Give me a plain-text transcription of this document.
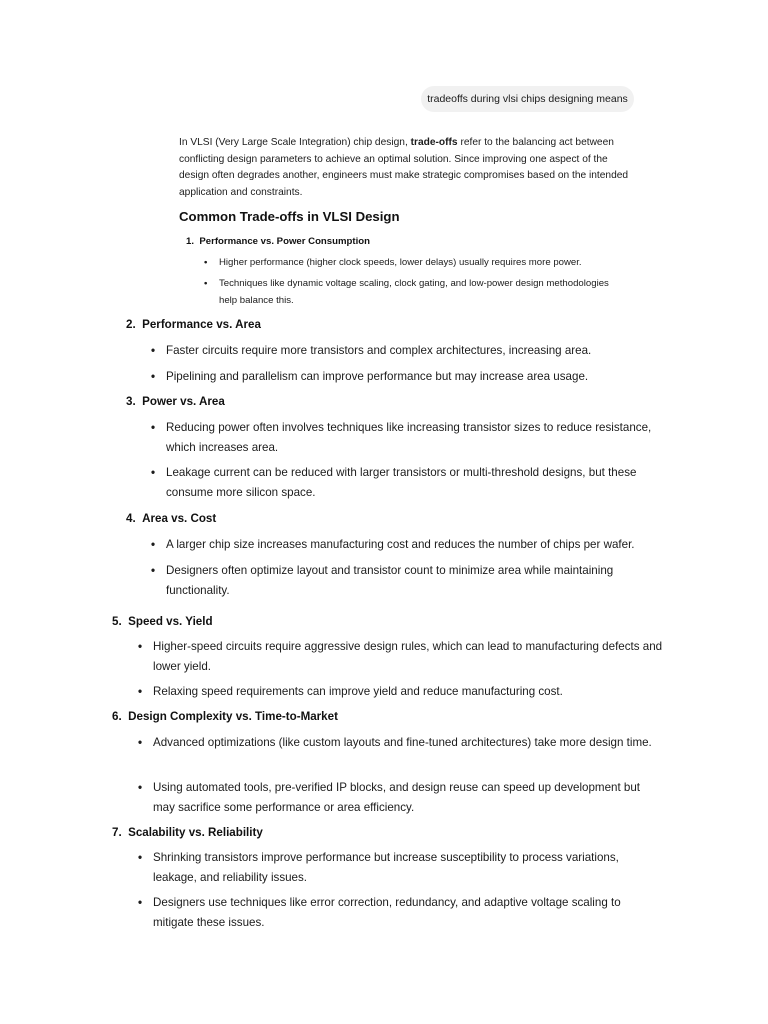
tradeoffs during vlsi chips designing means
In VLSI (Very Large Scale Integration) chip design, trade-offs refer to the balancing act between conflicting design parameters to achieve an optimal solution. Since improving one aspect of the design often degrades another, engineers must make strategic compromises based on the intended application and constraints.
Common Trade-offs in VLSI Design
1. Performance vs. Power Consumption
• Higher performance (higher clock speeds, lower delays) usually requires more power.
• Techniques like dynamic voltage scaling, clock gating, and low-power design methodologies help balance this.
2. Performance vs. Area
• Faster circuits require more transistors and complex architectures, increasing area.
• Pipelining and parallelism can improve performance but may increase area usage.
3. Power vs. Area
• Reducing power often involves techniques like increasing transistor sizes to reduce resistance, which increases area.
• Leakage current can be reduced with larger transistors or multi-threshold designs, but these consume more silicon space.
4. Area vs. Cost
• A larger chip size increases manufacturing cost and reduces the number of chips per wafer.
• Designers often optimize layout and transistor count to minimize area while maintaining functionality.
5. Speed vs. Yield
• Higher-speed circuits require aggressive design rules, which can lead to manufacturing defects and lower yield.
• Relaxing speed requirements can improve yield and reduce manufacturing cost.
6. Design Complexity vs. Time-to-Market
• Advanced optimizations (like custom layouts and fine-tuned architectures) take more design time.
• Using automated tools, pre-verified IP blocks, and design reuse can speed up development but may sacrifice some performance or area efficiency.
7. Scalability vs. Reliability
• Shrinking transistors improve performance but increase susceptibility to process variations, leakage, and reliability issues.
• Designers use techniques like error correction, redundancy, and adaptive voltage scaling to mitigate these issues.
